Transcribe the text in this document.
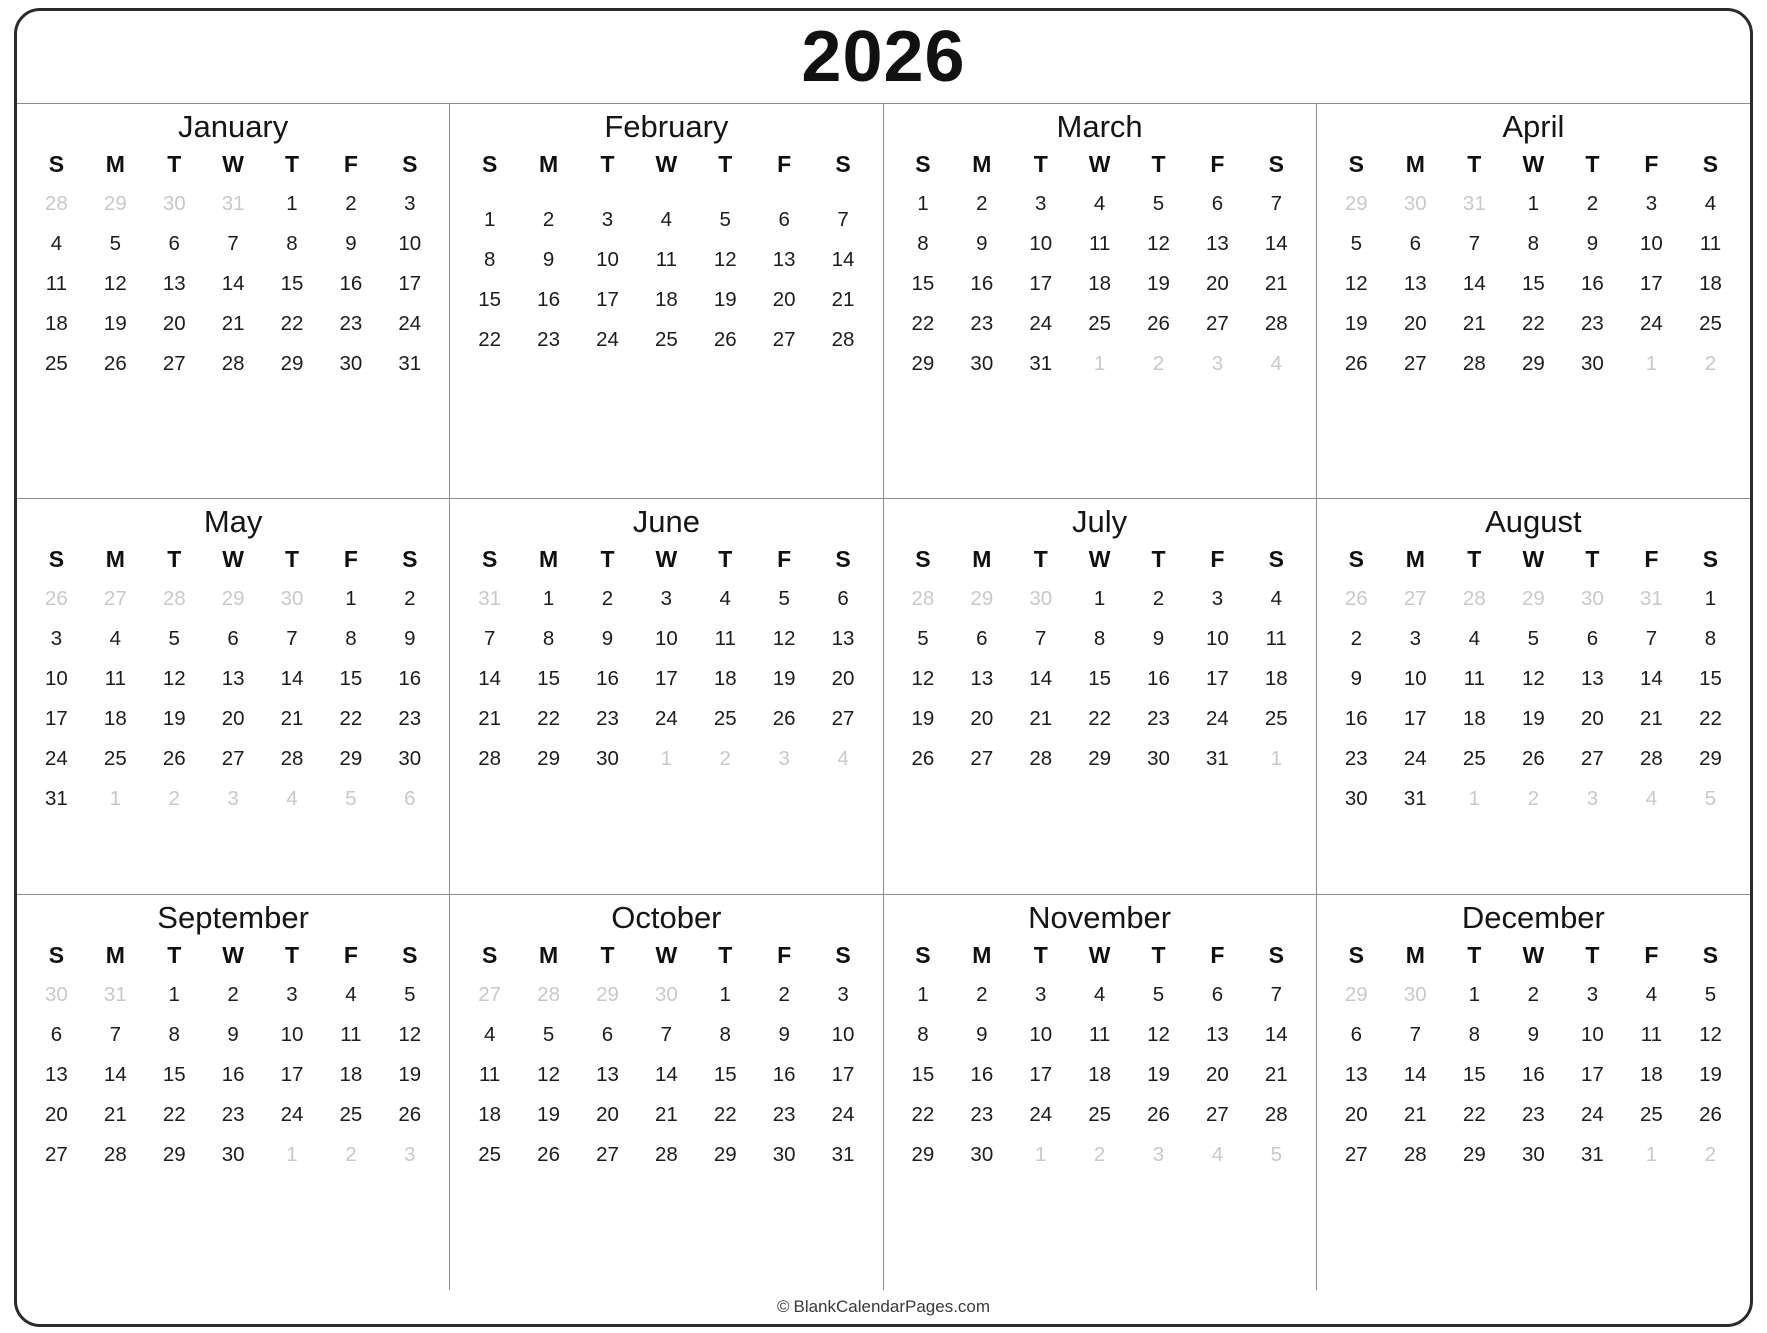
2026
January
S	M	T	W	T	F	S
28	29	30	31	1	2	3
4	5	6	7	8	9	10
11	12	13	14	15	16	17
18	19	20	21	22	23	24
25	26	27	28	29	30	31
February
S	M	T	W	T	F	S

1	2	3	4	5	6	7
8	9	10	11	12	13	14
15	16	17	18	19	20	21
22	23	24	25	26	27	28
March
S	M	T	W	T	F	S
1	2	3	4	5	6	7
8	9	10	11	12	13	14
15	16	17	18	19	20	21
22	23	24	25	26	27	28
29	30	31	1	2	3	4
April
S	M	T	W	T	F	S
29	30	31	1	2	3	4
5	6	7	8	9	10	11
12	13	14	15	16	17	18
19	20	21	22	23	24	25
26	27	28	29	30	1	2
May
S	M	T	W	T	F	S
26	27	28	29	30	1	2
3	4	5	6	7	8	9
10	11	12	13	14	15	16
17	18	19	20	21	22	23
24	25	26	27	28	29	30
31	1	2	3	4	5	6
June
S	M	T	W	T	F	S
31	1	2	3	4	5	6
7	8	9	10	11	12	13
14	15	16	17	18	19	20
21	22	23	24	25	26	27
28	29	30	1	2	3	4
July
S	M	T	W	T	F	S
28	29	30	1	2	3	4
5	6	7	8	9	10	11
12	13	14	15	16	17	18
19	20	21	22	23	24	25
26	27	28	29	30	31	1
August
S	M	T	W	T	F	S
26	27	28	29	30	31	1
2	3	4	5	6	7	8
9	10	11	12	13	14	15
16	17	18	19	20	21	22
23	24	25	26	27	28	29
30	31	1	2	3	4	5
September
S	M	T	W	T	F	S
30	31	1	2	3	4	5
6	7	8	9	10	11	12
13	14	15	16	17	18	19
20	21	22	23	24	25	26
27	28	29	30	1	2	3
October
S	M	T	W	T	F	S
27	28	29	30	1	2	3
4	5	6	7	8	9	10
11	12	13	14	15	16	17
18	19	20	21	22	23	24
25	26	27	28	29	30	31
November
S	M	T	W	T	F	S
1	2	3	4	5	6	7
8	9	10	11	12	13	14
15	16	17	18	19	20	21
22	23	24	25	26	27	28
29	30	1	2	3	4	5
December
S	M	T	W	T	F	S
29	30	1	2	3	4	5
6	7	8	9	10	11	12
13	14	15	16	17	18	19
20	21	22	23	24	25	26
27	28	29	30	31	1	2
© BlankCalendarPages.com
